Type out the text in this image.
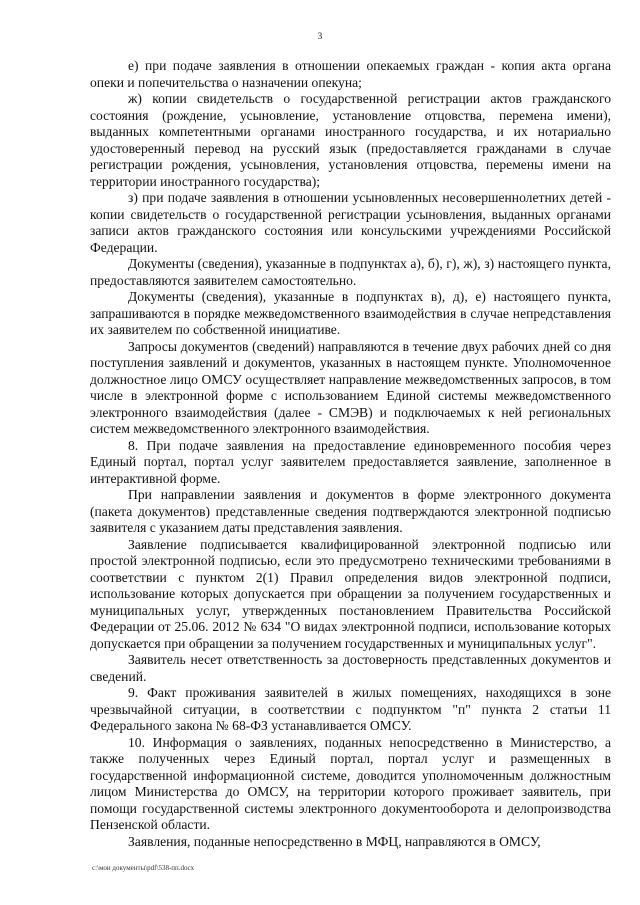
3

е) при подаче заявления в отношении опекаемых граждан - копия акта органа опеки и попечительства о назначении опекуна;

ж) копии свидетельств о государственной регистрации актов гражданского состояния (рождение, усыновление, установление отцовства, перемена имени), выданных компетентными органами иностранного государства, и их нотариально удостоверенный перевод на русский язык (предоставляется гражданами в случае регистрации рождения, усыновления, установления отцовства, перемены имени на территории иностранного государства);

з) при подаче заявления в отношении усыновленных несовершеннолетних детей - копии свидетельств о государственной регистрации усыновления, выданных органами записи актов гражданского состояния или консульскими учреждениями Российской Федерации.

Документы (сведения), указанные в подпунктах а), б), г), ж), з) настоящего пункта, предоставляются заявителем самостоятельно.

Документы (сведения), указанные в подпунктах в), д), е) настоящего пункта, запрашиваются в порядке межведомственного взаимодействия в случае непредставления их заявителем по собственной инициативе.

Запросы документов (сведений) направляются в течение двух рабочих дней со дня поступления заявлений и документов, указанных в настоящем пункте. Уполномоченное должностное лицо ОМСУ осуществляет направление межведомственных запросов, в том числе в электронной форме с использованием Единой системы межведомственного электронного взаимодействия (далее - СМЭВ) и подключаемых к ней региональных систем межведомственного электронного взаимодействия.

8. При подаче заявления на предоставление единовременного пособия через Единый портал, портал услуг заявителем предоставляется заявление, заполненное в интерактивной форме.

При направлении заявления и документов в форме электронного документа (пакета документов) представленные сведения подтверждаются электронной подписью заявителя с указанием даты представления заявления.

Заявление подписывается квалифицированной электронной подписью или простой электронной подписью, если это предусмотрено техническими требованиями в соответствии с пунктом 2(1) Правил определения видов электронной подписи, использование которых допускается при обращении за получением государственных и муниципальных услуг, утвержденных постановлением Правительства Российской Федерации от 25.06. 2012 № 634 "О видах электронной подписи, использование которых допускается при обращении за получением государственных и муниципальных услуг".

Заявитель несет ответственность за достоверность представленных документов и сведений.

9. Факт проживания заявителей в жилых помещениях, находящихся в зоне чрезвычайной ситуации, в соответствии с подпунктом "п" пункта 2 статьи 11 Федерального закона № 68-ФЗ устанавливается ОМСУ.

10. Информация о заявлениях, поданных непосредственно в Министерство, а также полученных через Единый портал, портал услуг и размещенных в государственной информационной системе, доводится уполномоченным должностным лицом Министерства до ОМСУ, на территории которого проживает заявитель, при помощи государственной системы электронного документооборота и делопроизводства Пензенской области.

Заявления, поданные непосредственно в МФЦ, направляются в ОМСУ,

c:\мои документы\pdf\538-пп.docx
